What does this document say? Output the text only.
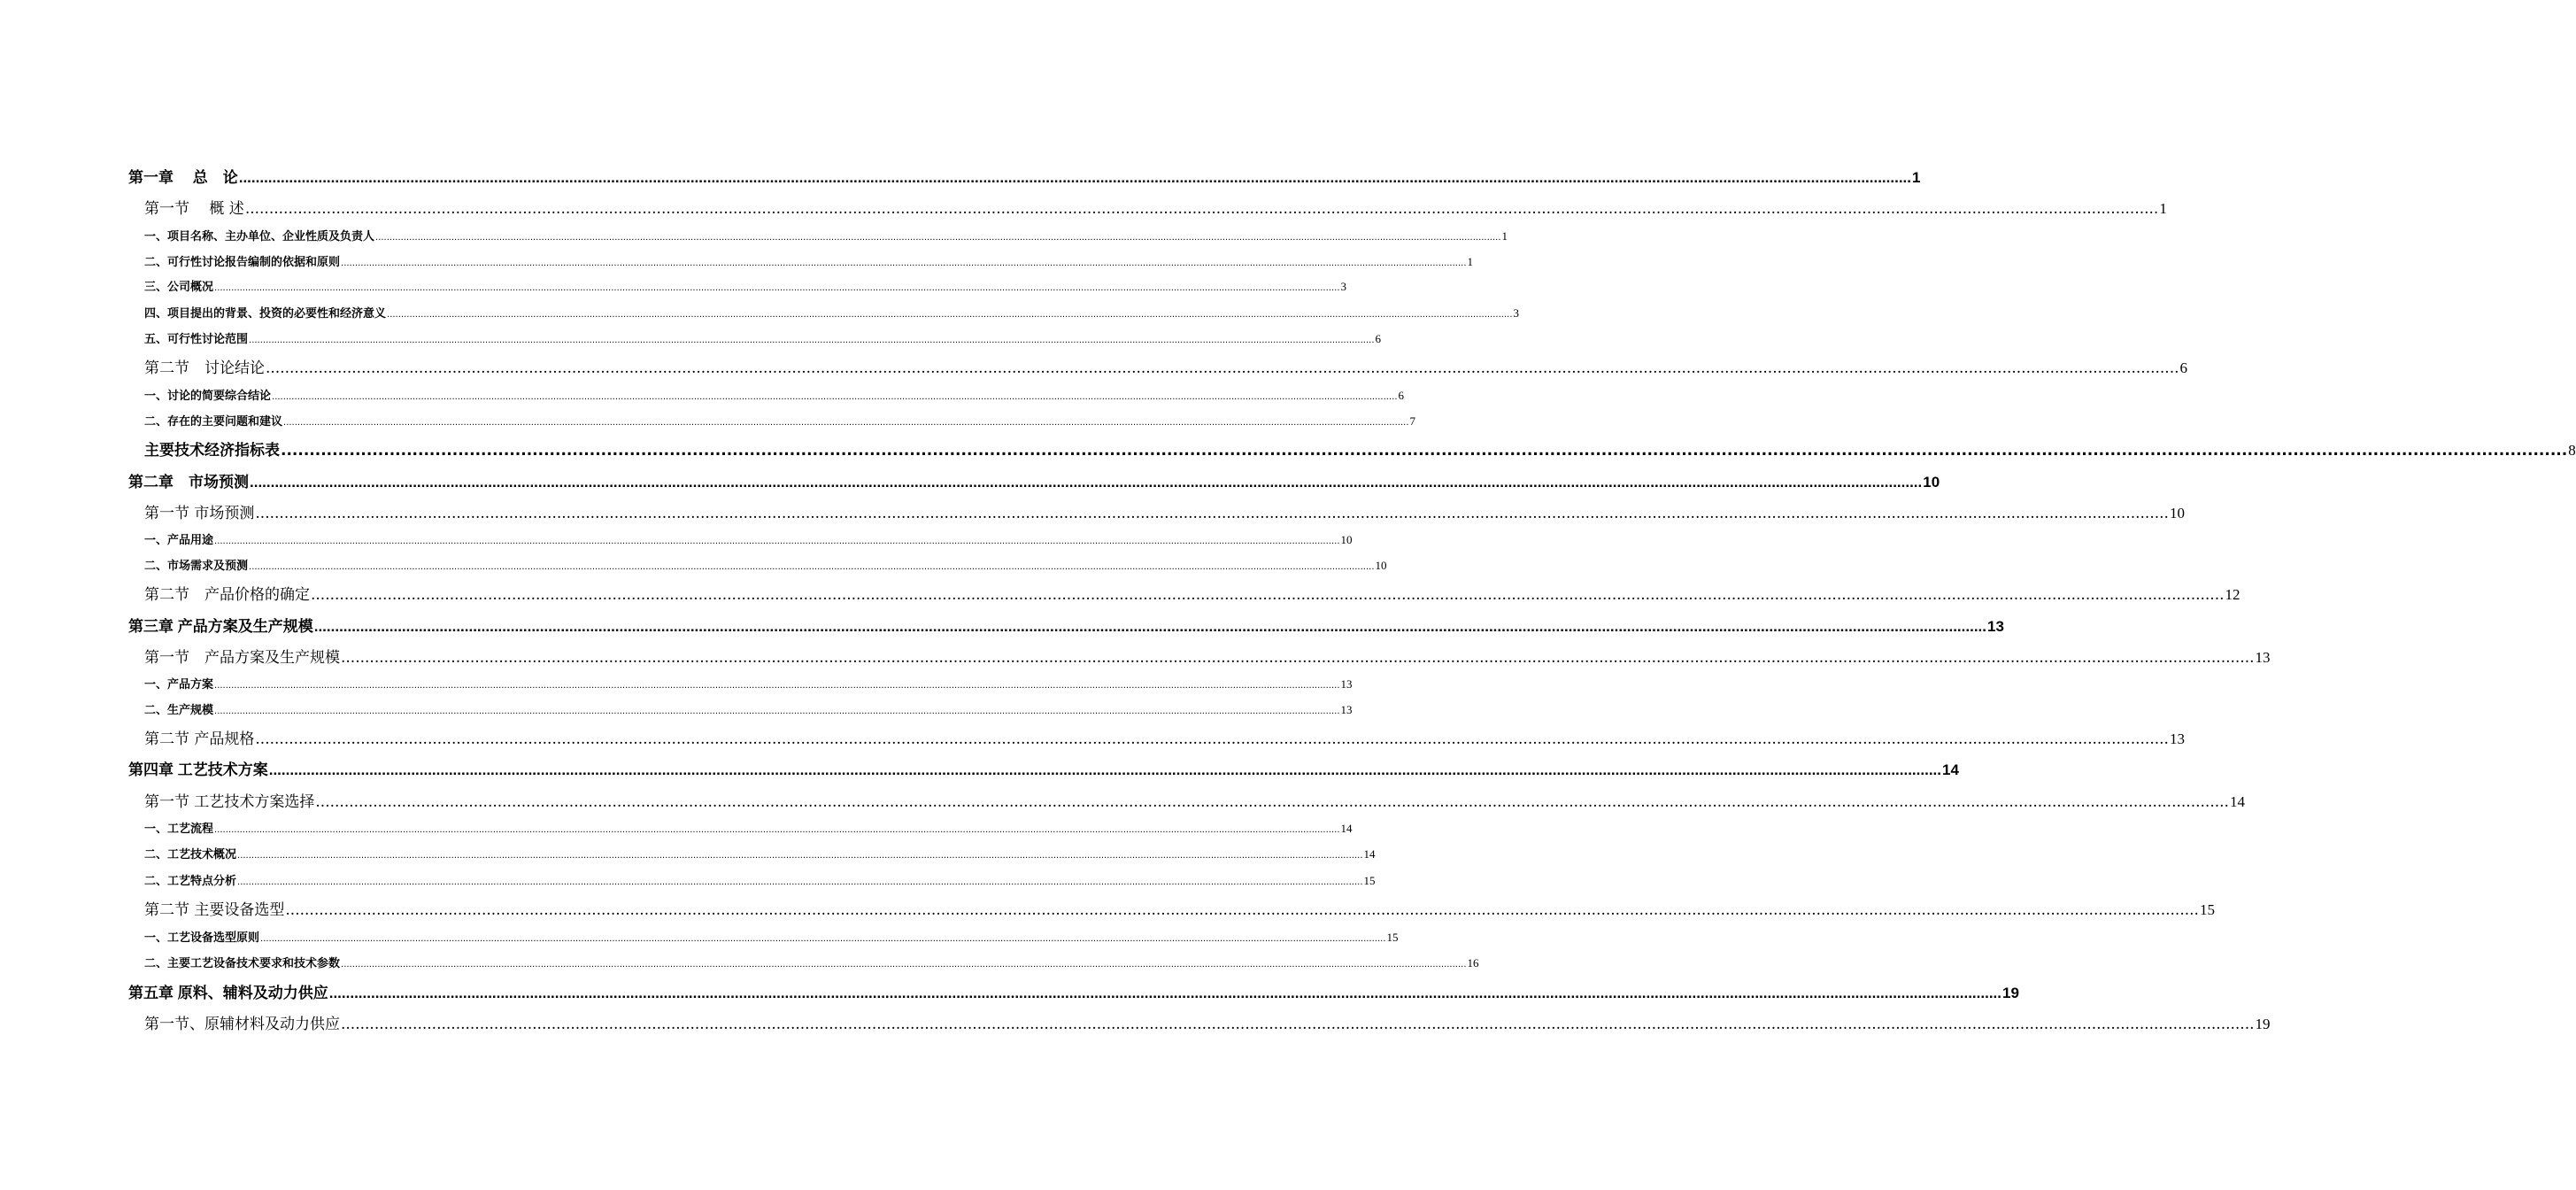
第一章　 总　论 ................................................................................................................................................................................................................................................................................................................................................................................................................ 1
第一节　 概 述 ................................................................................................................................................................................................................................................................................................................................................................................................................ 1
一、项目名称、主办单位、企业性质及负责人 ................................................................................................................................................................................................................................................................................................................................................................................................................ 1
二、可行性讨论报告编制的依据和原则 ................................................................................................................................................................................................................................................................................................................................................................................................................ 1
三、公司概况 ................................................................................................................................................................................................................................................................................................................................................................................................................ 3
四、项目提出的背景、投资的必要性和经济意义 ................................................................................................................................................................................................................................................................................................................................................................................................................ 3
五、可行性讨论范围 ................................................................................................................................................................................................................................................................................................................................................................................................................ 6
第二节　讨论结论 ................................................................................................................................................................................................................................................................................................................................................................................................................ 6
一、讨论的简要综合结论 ................................................................................................................................................................................................................................................................................................................................................................................................................ 6
二、存在的主要问题和建议 ................................................................................................................................................................................................................................................................................................................................................................................................................ 7
主要技术经济指标表 ................................................................................................................................................................................................................................................................................................................................................................................................................ 8
第二章　市场预测 ................................................................................................................................................................................................................................................................................................................................................................................................................ 10
第一节 市场预测 ................................................................................................................................................................................................................................................................................................................................................................................................................ 10
一、产品用途 ................................................................................................................................................................................................................................................................................................................................................................................................................ 10
二、市场需求及预测 ................................................................................................................................................................................................................................................................................................................................................................................................................ 10
第二节　产品价格的确定 ................................................................................................................................................................................................................................................................................................................................................................................................................ 12
第三章 产品方案及生产规模 ................................................................................................................................................................................................................................................................................................................................................................................................................ 13
第一节　产品方案及生产规模 ................................................................................................................................................................................................................................................................................................................................................................................................................ 13
一、产品方案 ................................................................................................................................................................................................................................................................................................................................................................................................................ 13
二、生产规模 ................................................................................................................................................................................................................................................................................................................................................................................................................ 13
第二节 产品规格 ................................................................................................................................................................................................................................................................................................................................................................................................................ 13
第四章 工艺技术方案 ................................................................................................................................................................................................................................................................................................................................................................................................................ 14
第一节 工艺技术方案选择 ................................................................................................................................................................................................................................................................................................................................................................................................................ 14
一、工艺流程 ................................................................................................................................................................................................................................................................................................................................................................................................................ 14
二、工艺技术概况 ................................................................................................................................................................................................................................................................................................................................................................................................................ 14
二、工艺特点分析 ................................................................................................................................................................................................................................................................................................................................................................................................................ 15
第二节 主要设备选型 ................................................................................................................................................................................................................................................................................................................................................................................................................ 15
一、工艺设备选型原则 ................................................................................................................................................................................................................................................................................................................................................................................................................ 15
二、主要工艺设备技术要求和技术参数 ................................................................................................................................................................................................................................................................................................................................................................................................................ 16
第五章 原料、辅料及动力供应 ................................................................................................................................................................................................................................................................................................................................................................................................................ 19
第一节、原辅材料及动力供应 ................................................................................................................................................................................................................................................................................................................................................................................................................ 19
